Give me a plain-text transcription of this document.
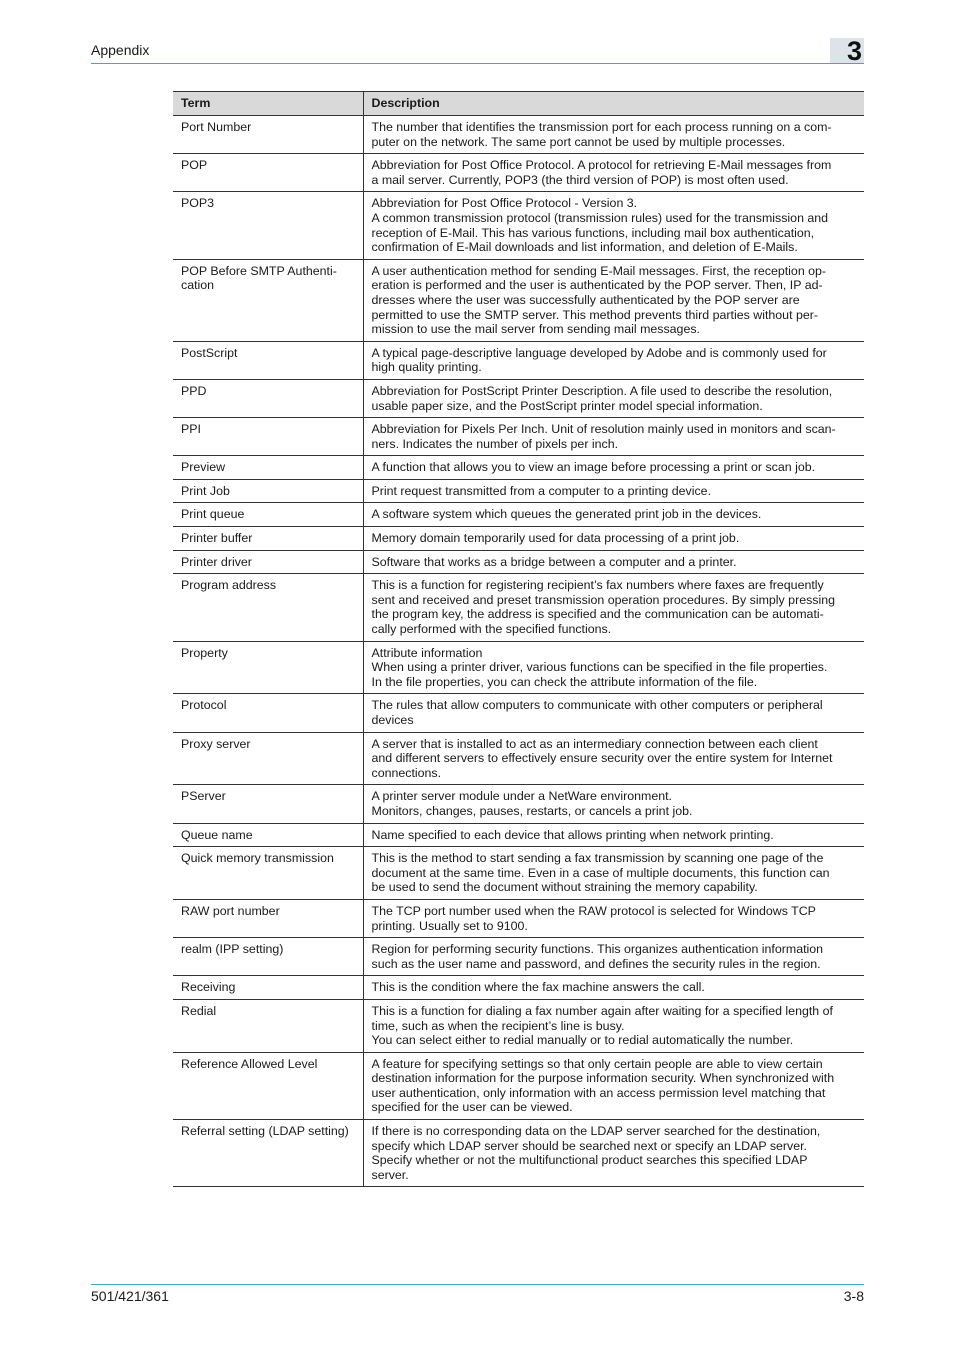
Appendix	3
Term	Description
Port Number	The number that identifies the transmission port for each process running on a com-
puter on the network. The same port cannot be used by multiple processes.
POP	Abbreviation for Post Office Protocol. A protocol for retrieving E-Mail messages from
a mail server. Currently, POP3 (the third version of POP) is most often used.
POP3	Abbreviation for Post Office Protocol - Version 3.
A common transmission protocol (transmission rules) used for the transmission and
reception of E-Mail. This has various functions, including mail box authentication,
confirmation of E-Mail downloads and list information, and deletion of E-Mails.
POP Before SMTP Authenti-
cation	A user authentication method for sending E-Mail messages. First, the reception op-
eration is performed and the user is authenticated by the POP server. Then, IP ad-
dresses where the user was successfully authenticated by the POP server are
permitted to use the SMTP server. This method prevents third parties without per-
mission to use the mail server from sending mail messages.
PostScript	A typical page-descriptive language developed by Adobe and is commonly used for
high quality printing.
PPD	Abbreviation for PostScript Printer Description. A file used to describe the resolution,
usable paper size, and the PostScript printer model special information.
PPI	Abbreviation for Pixels Per Inch. Unit of resolution mainly used in monitors and scan-
ners. Indicates the number of pixels per inch.
Preview	A function that allows you to view an image before processing a print or scan job.
Print Job	Print request transmitted from a computer to a printing device.
Print queue	A software system which queues the generated print job in the devices.
Printer buffer	Memory domain temporarily used for data processing of a print job.
Printer driver	Software that works as a bridge between a computer and a printer.
Program address	This is a function for registering recipient’s fax numbers where faxes are frequently
sent and received and preset transmission operation procedures. By simply pressing
the program key, the address is specified and the communication can be automati-
cally performed with the specified functions.
Property	Attribute information
When using a printer driver, various functions can be specified in the file properties.
In the file properties, you can check the attribute information of the file.
Protocol	The rules that allow computers to communicate with other computers or peripheral
devices
Proxy server	A server that is installed to act as an intermediary connection between each client
and different servers to effectively ensure security over the entire system for Internet
connections.
PServer	A printer server module under a NetWare environment.
Monitors, changes, pauses, restarts, or cancels a print job.
Queue name	Name specified to each device that allows printing when network printing.
Quick memory transmission	This is the method to start sending a fax transmission by scanning one page of the
document at the same time. Even in a case of multiple documents, this function can
be used to send the document without straining the memory capability.
RAW port number	The TCP port number used when the RAW protocol is selected for Windows TCP
printing. Usually set to 9100.
realm (IPP setting)	Region for performing security functions. This organizes authentication information
such as the user name and password, and defines the security rules in the region.
Receiving	This is the condition where the fax machine answers the call.
Redial	This is a function for dialing a fax number again after waiting for a specified length of
time, such as when the recipient’s line is busy.
You can select either to redial manually or to redial automatically the number.
Reference Allowed Level	A feature for specifying settings so that only certain people are able to view certain
destination information for the purpose information security. When synchronized with
user authentication, only information with an access permission level matching that
specified for the user can be viewed.
Referral setting (LDAP setting)	If there is no corresponding data on the LDAP server searched for the destination,
specify which LDAP server should be searched next or specify an LDAP server.
Specify whether or not the multifunctional product searches this specified LDAP
server.
501/421/361	3-8
